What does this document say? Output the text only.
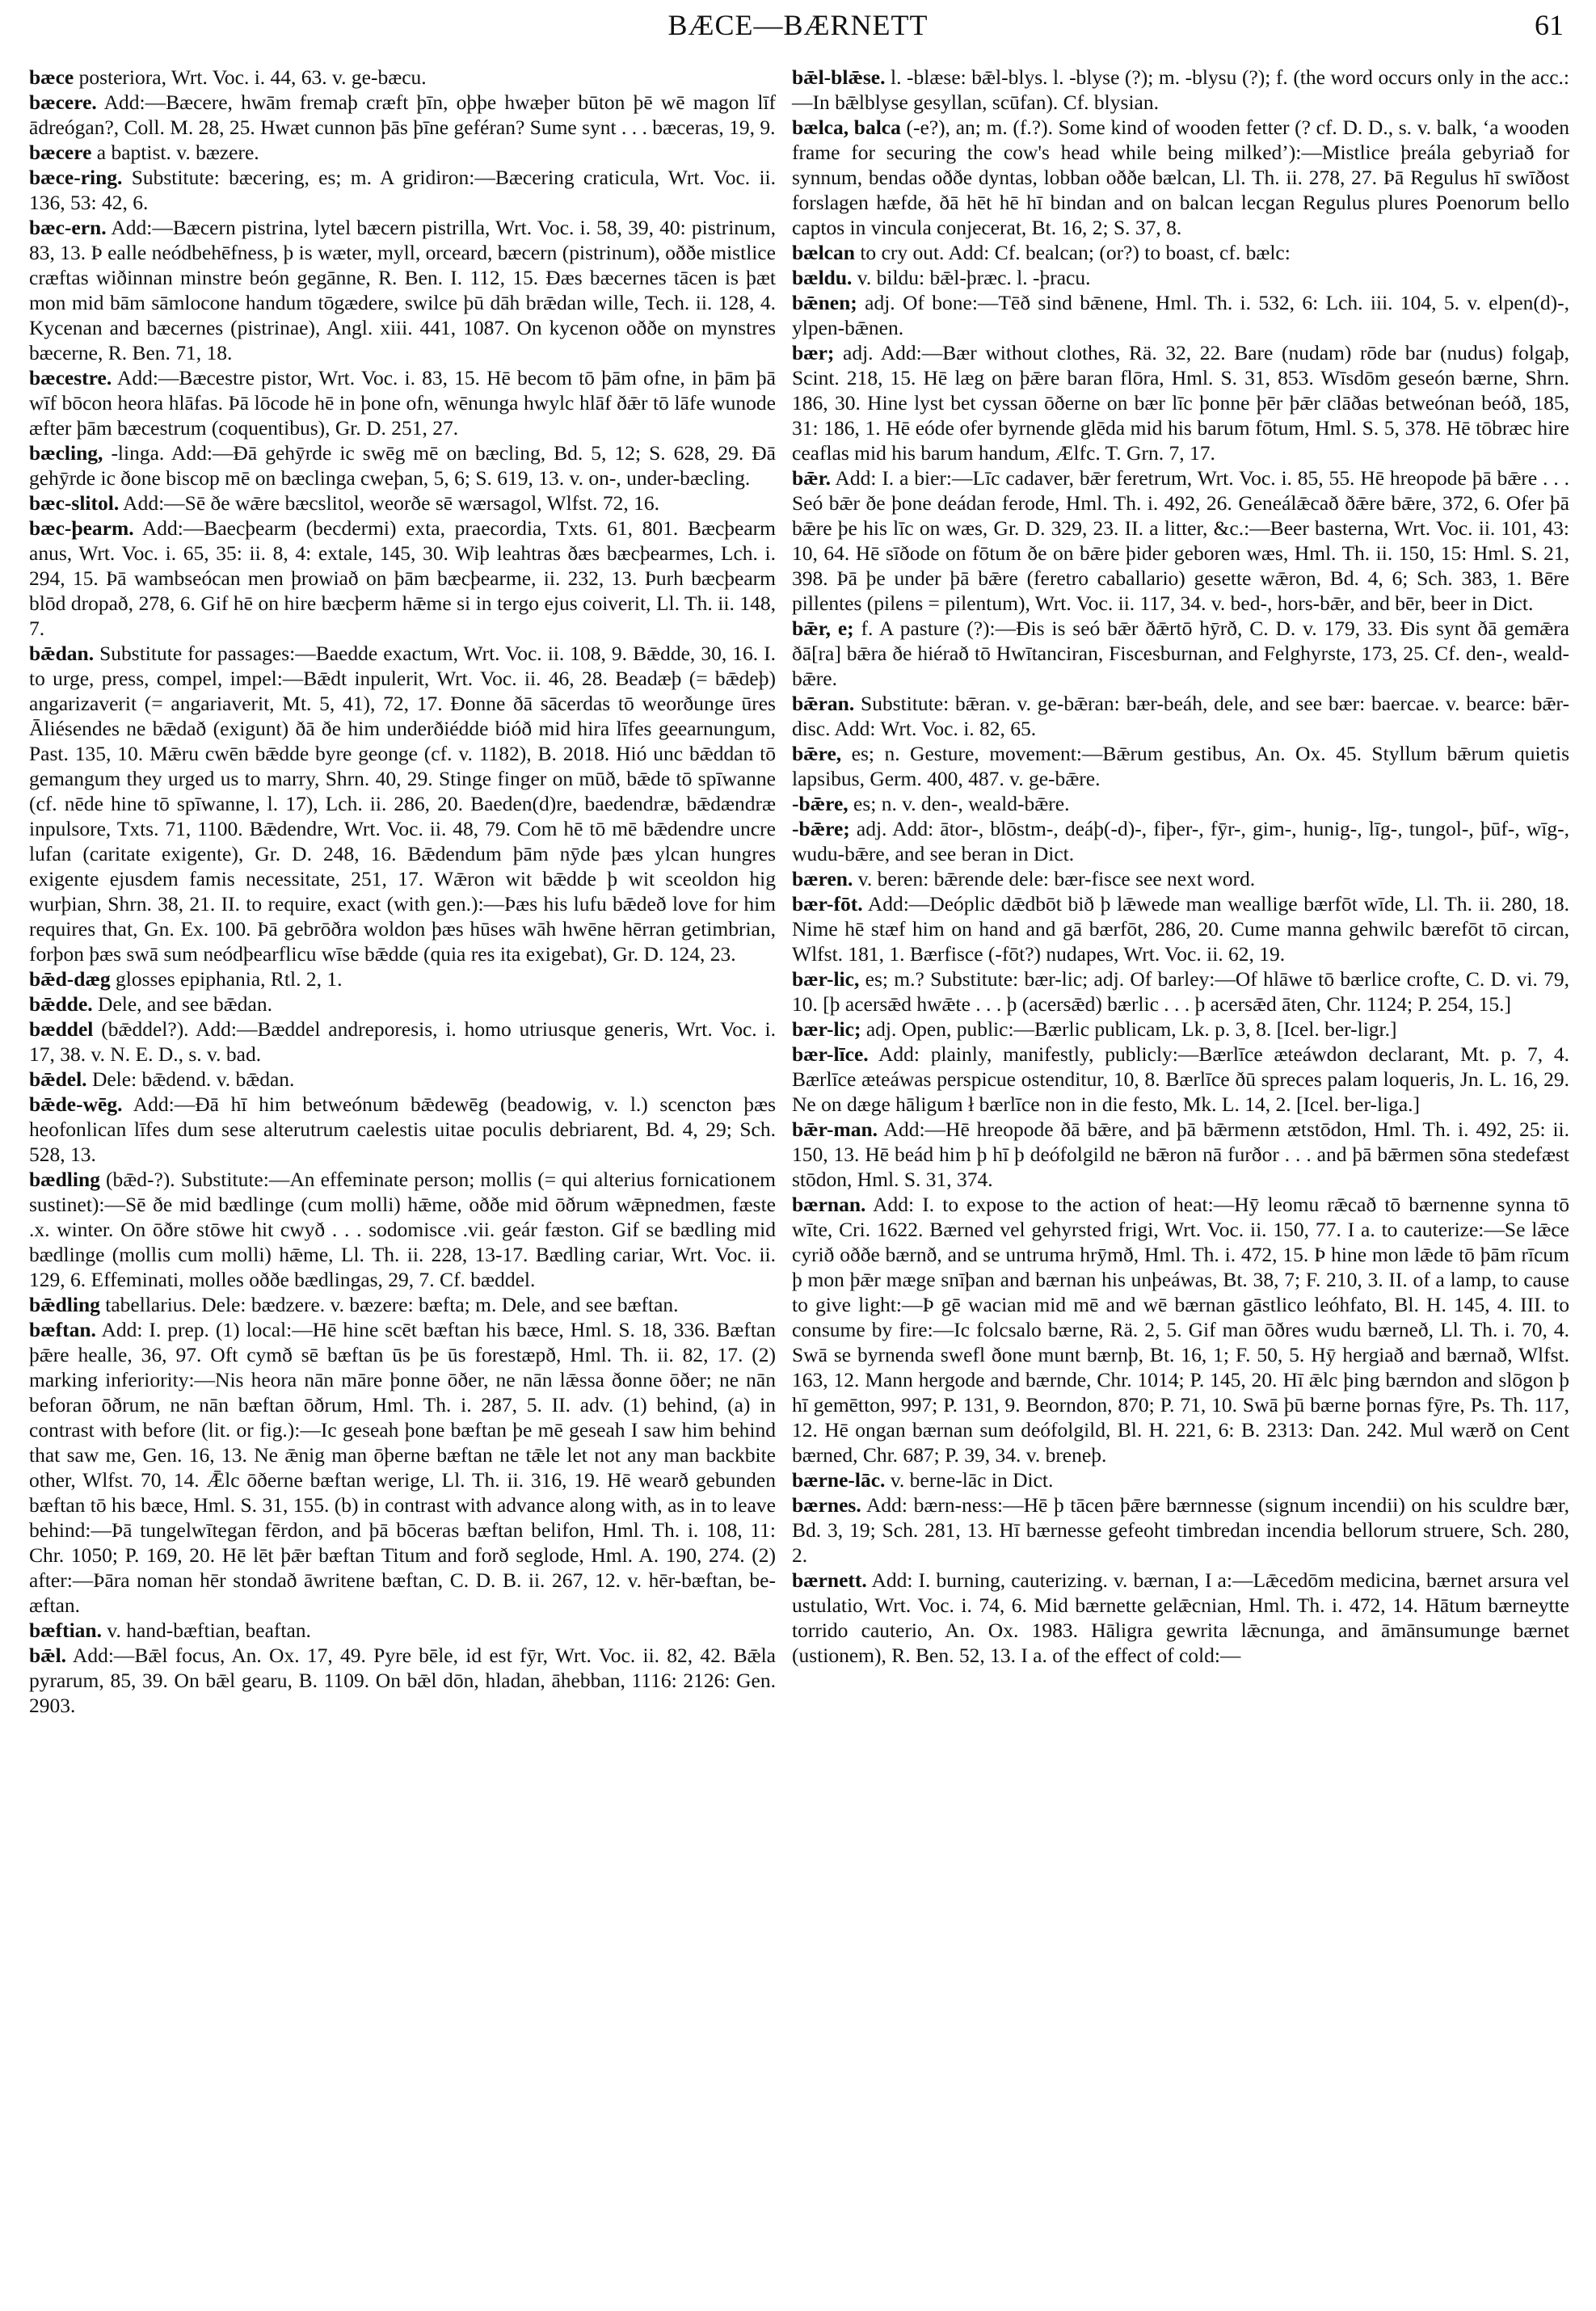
BÆCE—BÆRNETT	61

bæce posteriora, Wrt. Voc. i. 44, 63. v. ge-bæcu.

bæcere. Add:—Bæcere, hwām fremaþ cræft þīn, oþþe hwæþer būton þē wē magon līf ādreógan?, Coll. M. 28, 25. Hwæt cunnon þās þīne geféran? Sume synt . . . bæceras, 19, 9.

bæcere a baptist. v. bæzere.

bæce-ring. Substitute: bæcering, es; m. A gridiron:—Bæcering craticula, Wrt. Voc. ii. 136, 53: 42, 6.

bæc-ern. Add:—Bæcern pistrina, lytel bæcern pistrilla, Wrt. Voc. i. 58, 39, 40: pistrinum, 83, 13. Þ ealle neódbehēfness, þ is wæter, myll, orceard, bæcern (pistrinum), oððe mistlice cræftas wiðinnan minstre beón gegānne, R. Ben. I. 112, 15. Ðæs bæcernes tācen is þæt mon mid bām sāmlocone handum tōgædere, swilce þū dāh brǣdan wille, Tech. ii. 128, 4. Kycenan and bæcernes (pistrinae), Angl. xiii. 441, 1087. On kycenon oððe on mynstres bæcerne, R. Ben. 71, 18.

bæcestre. Add:—Bæcestre pistor, Wrt. Voc. i. 83, 15. Hē becom tō þām ofne, in þām þā wīf bōcon heora hlāfas. Þā lōcode hē in þone ofn, wēnunga hwylc hlāf ðǣr tō lāfe wunode æfter þām bæcestrum (coquentibus), Gr. D. 251, 27.

bæcling, -linga. Add:—Ðā gehȳrde ic swēg mē on bæcling, Bd. 5, 12; S. 628, 29. Ðā gehȳrde ic ðone biscop mē on bæclinga cweþan, 5, 6; S. 619, 13. v. on-, under-bæcling.

bæc-slitol. Add:—Sē ðe wǣre bæcslitol, weorðe sē wærsagol, Wlfst. 72, 16.

bæc-þearm. Add:—Baecþearm (becdermi) exta, praecordia, Txts. 61, 801. Bæcþearm anus, Wrt. Voc. i. 65, 35: ii. 8, 4: extale, 145, 30. Wiþ leahtras ðæs bæcþearmes, Lch. i. 294, 15. Þā wambseócan men þrowiað on þām bæcþearme, ii. 232, 13. Þurh bæcþearm blōd dropað, 278, 6. Gif hē on hire bæcþerm hǣme si in tergo ejus coiverit, Ll. Th. ii. 148, 7.

bǣdan. Substitute for passages:—Baedde exactum, Wrt. Voc. ii. 108, 9. Bǣdde, 30, 16. I. to urge, press, compel, impel:—Bǣdt inpulerit, Wrt. Voc. ii. 46, 28. Beadæþ (= bǣdeþ) angarizaverit (= angariaverit, Mt. 5, 41), 72, 17. Ðonne ðā sācerdas tō weorðunge ūres Āliésendes ne bǣdað (exigunt) ðā ðe him underðiédde bióð mid hira līfes geearnungum, Past. 135, 10. Mǣru cwēn bǣdde byre geonge (cf. v. 1182), B. 2018. Hió unc bǣddan tō gemangum they urged us to marry, Shrn. 40, 29. Stinge finger on mūð, bǣde tō spīwanne (cf. nēde hine tō spīwanne, l. 17), Lch. ii. 286, 20. Baeden(d)re, baedendræ, bǣdændræ inpulsore, Txts. 71, 1100. Bǣdendre, Wrt. Voc. ii. 48, 79. Com hē tō mē bǣdendre uncre lufan (caritate exigente), Gr. D. 248, 16. Bǣdendum þām nȳde þæs ylcan hungres exigente ejusdem famis necessitate, 251, 17. Wǣron wit bǣdde þ wit sceoldon hig wurþian, Shrn. 38, 21. II. to require, exact (with gen.):—Þæs his lufu bǣdeð love for him requires that, Gn. Ex. 100. Þā gebrōðra woldon þæs hūses wāh hwēne hērran getimbrian, forþon þæs swā sum neódþearflicu wīse bǣdde (quia res ita exigebat), Gr. D. 124, 23.

bǣd-dæg glosses epiphania, Rtl. 2, 1.

bǣdde. Dele, and see bǣdan.

bæddel (bǣddel?). Add:—Bæddel andreporesis, i. homo utriusque generis, Wrt. Voc. i. 17, 38. v. N. E. D., s. v. bad.

bǣdel. Dele: bǣdend. v. bǣdan.

bǣde-wēg. Add:—Ðā hī him betweónum bǣdewēg (beadowig, v. l.) scencton þæs heofonlican līfes dum sese alterutrum caelestis uitae poculis debriarent, Bd. 4, 29; Sch. 528, 13.

bædling (bǣd-?). Substitute:—An effeminate person; mollis (= qui alterius fornicationem sustinet):—Sē ðe mid bædlinge (cum molli) hǣme, oððe mid ōðrum wǣpnedmen, fæste .x. winter. On ōðre stōwe hit cwyð . . . sodomisce .vii. geár fæston. Gif se bædling mid bædlinge (mollis cum molli) hǣme, Ll. Th. ii. 228, 13-17. Bædling cariar, Wrt. Voc. ii. 129, 6. Effeminati, molles oððe bædlingas, 29, 7. Cf. bæddel.

bǣdling tabellarius. Dele: bædzere. v. bæzere: bæfta; m. Dele, and see bæftan.

bæftan. Add: I. prep. (1) local:—Hē hine scēt bæftan his bæce, Hml. S. 18, 336. Bæftan þǣre healle, 36, 97. Oft cymð sē bæftan ūs þe ūs forestæpð, Hml. Th. ii. 82, 17. (2) marking inferiority:—Nis heora nān māre þonne ōðer, ne nān lǣssa ðonne ōðer; ne nān beforan ōðrum, ne nān bæftan ōðrum, Hml. Th. i. 287, 5. II. adv. (1) behind, (a) in contrast with before (lit. or fig.):—Ic geseah þone bæftan þe mē geseah I saw him behind that saw me, Gen. 16, 13. Ne ǣnig man ōþerne bæftan ne tǣle let not any man backbite other, Wlfst. 70, 14. Ǣlc ōðerne bæftan werige, Ll. Th. ii. 316, 19. Hē wearð gebunden bæftan tō his bæce, Hml. S. 31, 155. (b) in contrast with advance along with, as in to leave behind:—Þā tungelwītegan fērdon, and þā bōceras bæftan belifon, Hml. Th. i. 108, 11: Chr. 1050; P. 169, 20. Hē lēt þǣr bæftan Titum and forð seglode, Hml. A. 190, 274. (2) after:—Þāra noman hēr stondað āwritene bæftan, C. D. B. ii. 267, 12. v. hēr-bæftan, be-æftan.

bæftian. v. hand-bæftian, beaftan.

bǣl. Add:—Bǣl focus, An. Ox. 17, 49. Pyre bēle, id est fȳr, Wrt. Voc. ii. 82, 42. Bǣla pyrarum, 85, 39. On bǣl gearu, B. 1109. On bǣl dōn, hladan, āhebban, 1116: 2126: Gen. 2903.

bǣl-blǣse. l. -blæse: bǣl-blys. l. -blyse (?); m. -blysu (?); f. (the word occurs only in the acc.:—In bǣlblyse gesyllan, scūfan). Cf. blysian.

bælca, balca (-e?), an; m. (f.?). Some kind of wooden fetter (? cf. D. D., s. v. balk, ‘a wooden frame for securing the cow's head while being milked’):—Mistlice þreála gebyriað for synnum, bendas oððe dyntas, lobban oððe bælcan, Ll. Th. ii. 278, 27. Þā Regulus hī swīðost forslagen hæfde, ðā hēt hē hī bindan and on balcan lecgan Regulus plures Poenorum bello captos in vincula conjecerat, Bt. 16, 2; S. 37, 8.

bælcan to cry out. Add: Cf. bealcan; (or?) to boast, cf. bælc:

bældu. v. bildu: bǣl-þræc. l. -þracu.

bǣnen; adj. Of bone:—Tēð sind bǣnene, Hml. Th. i. 532, 6: Lch. iii. 104, 5. v. elpen(d)-, ylpen-bǣnen.

bær; adj. Add:—Bær without clothes, Rä. 32, 22. Bare (nudam) rōde bar (nudus) folgaþ, Scint. 218, 15. Hē læg on þǣre baran flōra, Hml. S. 31, 853. Wīsdōm geseón bærne, Shrn. 186, 30. Hine lyst bet cyssan ōðerne on bær līc þonne þēr þǣr clāðas betweónan beóð, 185, 31: 186, 1. Hē eóde ofer byrnende glēda mid his barum fōtum, Hml. S. 5, 378. Hē tōbræc hire ceaflas mid his barum handum, Ælfc. T. Grn. 7, 17.

bǣr. Add: I. a bier:—Līc cadaver, bǣr feretrum, Wrt. Voc. i. 85, 55. Hē hreopode þā bǣre . . . Seó bǣr ðe þone deádan ferode, Hml. Th. i. 492, 26. Geneálǣcað ðǣre bǣre, 372, 6. Ofer þā bǣre þe his līc on wæs, Gr. D. 329, 23. II. a litter, &c.:—Beer basterna, Wrt. Voc. ii. 101, 43: 10, 64. Hē sīðode on fōtum ðe on bǣre þider geboren wæs, Hml. Th. ii. 150, 15: Hml. S. 21, 398. Þā þe under þā bǣre (feretro caballario) gesette wǣron, Bd. 4, 6; Sch. 383, 1. Bēre pillentes (pilens = pilentum), Wrt. Voc. ii. 117, 34. v. bed-, hors-bǣr, and bēr, beer in Dict.

bǣr, e; f. A pasture (?):—Ðis is seó bǣr ðǣrtō hȳrð, C. D. v. 179, 33. Ðis synt ðā gemǣra ðā[ra] bǣra ðe hiérað tō Hwītanciran, Fiscesburnan, and Felghyrste, 173, 25. Cf. den-, weald-bǣre.

bǣran. Substitute: bǣran. v. ge-bǣran: bær-beáh, dele, and see bær: baercae. v. bearce: bǣr-disc. Add: Wrt. Voc. i. 82, 65.

bǣre, es; n. Gesture, movement:—Bǣrum gestibus, An. Ox. 45. Styllum bǣrum quietis lapsibus, Germ. 400, 487. v. ge-bǣre.

-bǣre, es; n. v. den-, weald-bǣre.

-bǣre; adj. Add: ātor-, blōstm-, deáþ(-d)-, fiþer-, fȳr-, gim-, hunig-, līg-, tungol-, þūf-, wīg-, wudu-bǣre, and see beran in Dict.

bæren. v. beren: bǣrende dele: bær-fisce see next word.

bær-fōt. Add:—Deóplic dǣdbōt bið þ lǣwede man weallige bærfōt wīde, Ll. Th. ii. 280, 18. Nime hē stæf him on hand and gā bærfōt, 286, 20. Cume manna gehwilc bærefōt tō circan, Wlfst. 181, 1. Bærfisce (-fōt?) nudapes, Wrt. Voc. ii. 62, 19.

bær-lic, es; m.? Substitute: bær-lic; adj. Of barley:—Of hlāwe tō bærlice crofte, C. D. vi. 79, 10. [þ acersǣd hwǣte . . . þ (acersǣd) bærlic . . . þ acersǣd āten, Chr. 1124; P. 254, 15.]

bær-lic; adj. Open, public:—Bærlic publicam, Lk. p. 3, 8. [Icel. ber-ligr.]

bær-līce. Add: plainly, manifestly, publicly:—Bærlīce æteáwdon declarant, Mt. p. 7, 4. Bærlīce æteáwas perspicue ostenditur, 10, 8. Bærlīce ðū spreces palam loqueris, Jn. L. 16, 29. Ne on dæge hāligum ł bærlīce non in die festo, Mk. L. 14, 2. [Icel. ber-liga.]

bǣr-man. Add:—Hē hreopode ðā bǣre, and þā bǣrmenn ætstōdon, Hml. Th. i. 492, 25: ii. 150, 13. Hē beád him þ hī þ deófolgild ne bǣron nā furðor . . . and þā bǣrmen sōna stedefæst stōdon, Hml. S. 31, 374.

bærnan. Add: I. to expose to the action of heat:—Hȳ leomu rǣcað tō bærnenne synna tō wīte, Cri. 1622. Bærned vel gehyrsted frigi, Wrt. Voc. ii. 150, 77. I a. to cauterize:—Se lǣce cyrið oððe bærnð, and se untruma hrȳmð, Hml. Th. i. 472, 15. Þ hine mon lǣde tō þām rīcum þ mon þǣr mæge snīþan and bærnan his unþeáwas, Bt. 38, 7; F. 210, 3. II. of a lamp, to cause to give light:—Þ gē wacian mid mē and wē bærnan gāstlico leóhfato, Bl. H. 145, 4. III. to consume by fire:—Ic folcsalo bærne, Rä. 2, 5. Gif man ōðres wudu bærneð, Ll. Th. i. 70, 4. Swā se byrnenda swefl ðone munt bærnþ, Bt. 16, 1; F. 50, 5. Hȳ hergiað and bærnað, Wlfst. 163, 12. Mann hergode and bærnde, Chr. 1014; P. 145, 20. Hī ǣlc þing bærndon and slōgon þ hī gemētton, 997; P. 131, 9. Beorndon, 870; P. 71, 10. Swā þū bærne þornas fȳre, Ps. Th. 117, 12. Hē ongan bærnan sum deófolgild, Bl. H. 221, 6: B. 2313: Dan. 242. Mul wærð on Cent bærned, Chr. 687; P. 39, 34. v. breneþ.

bærne-lāc. v. berne-lāc in Dict.

bærnes. Add: bærn-ness:—Hē þ tācen þǣre bærnnesse (signum incendii) on his sculdre bær, Bd. 3, 19; Sch. 281, 13. Hī bærnesse gefeoht timbredan incendia bellorum struere, Sch. 280, 2.

bærnett. Add: I. burning, cauterizing. v. bærnan, I a:—Lǣcedōm medicina, bærnet arsura vel ustulatio, Wrt. Voc. i. 74, 6. Mid bærnette gelǣcnian, Hml. Th. i. 472, 14. Hātum bærneytte torrido cauterio, An. Ox. 1983. Hāligra gewrita lǣcnunga, and āmānsumunge bærnet (ustionem), R. Ben. 52, 13. I a. of the effect of cold:—
